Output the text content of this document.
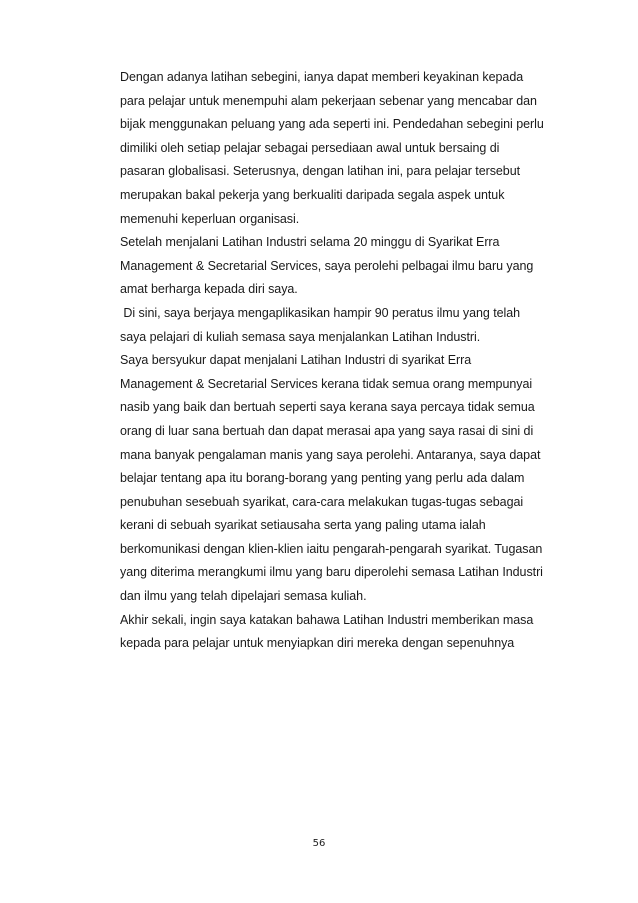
Dengan adanya latihan sebegini, ianya dapat memberi keyakinan kepada
para pelajar untuk menempuhi alam pekerjaan sebenar yang mencabar dan
bijak menggunakan peluang yang ada seperti ini. Pendedahan sebegini perlu
dimiliki oleh setiap pelajar sebagai persediaan awal untuk bersaing di
pasaran globalisasi. Seterusnya, dengan latihan ini, para pelajar tersebut
merupakan bakal pekerja yang berkualiti daripada segala aspek untuk
memenuhi keperluan organisasi.
Setelah menjalani Latihan Industri selama 20 minggu di Syarikat Erra
Management & Secretarial Services, saya perolehi pelbagai ilmu baru yang
amat berharga kepada diri saya.
Di sini, saya berjaya mengaplikasikan hampir 90 peratus ilmu yang telah
saya pelajari di kuliah semasa saya menjalankan Latihan Industri.
Saya bersyukur dapat menjalani Latihan Industri di syarikat Erra
Management & Secretarial Services kerana tidak semua orang mempunyai
nasib yang baik dan bertuah seperti saya kerana saya percaya tidak semua
orang di luar sana bertuah dan dapat merasai apa yang saya rasai di sini di
mana banyak pengalaman manis yang saya perolehi. Antaranya, saya dapat
belajar tentang apa itu borang-borang yang penting yang perlu ada dalam
penubuhan sesebuah syarikat, cara-cara melakukan tugas-tugas sebagai
kerani di sebuah syarikat setiausaha serta yang paling utama ialah
berkomunikasi dengan klien-klien iaitu pengarah-pengarah syarikat. Tugasan
yang diterima merangkumi ilmu yang baru diperolehi semasa Latihan Industri
dan ilmu yang telah dipelajari semasa kuliah.
Akhir sekali, ingin saya katakan bahawa Latihan Industri memberikan masa
kepada para pelajar untuk menyiapkan diri mereka dengan sepenuhnya
56
